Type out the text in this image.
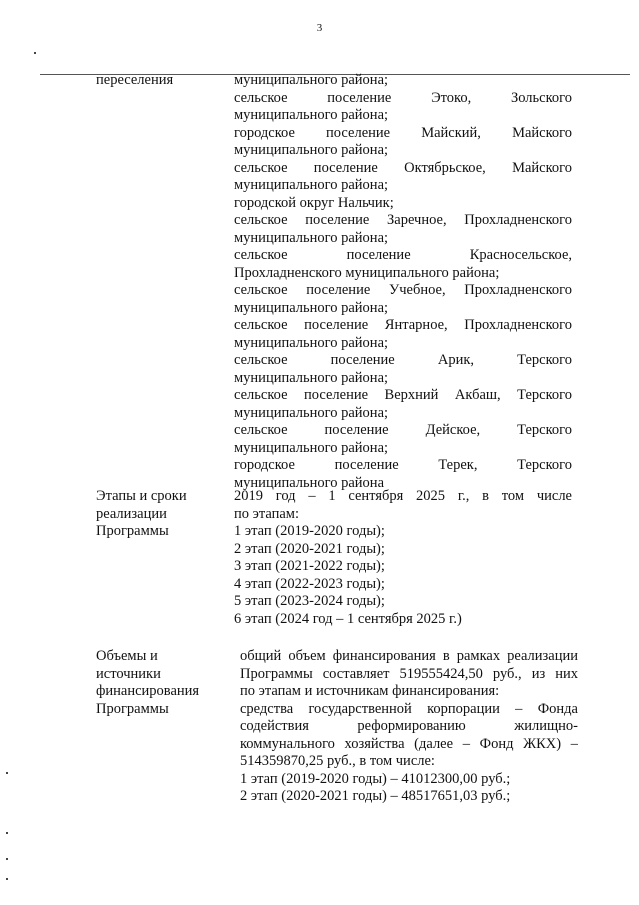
3
переселения	муниципального района;
сельское поселение Этоко, Зольского
муниципального района;
городское поселение Майский, Майского
муниципального района;
сельское поселение Октябрьское, Майского
муниципального района;
городской округ Нальчик;
сельское поселение Заречное, Прохладненского
муниципального района;
сельское поселение Красносельское,
Прохладненского муниципального района;
сельское поселение Учебное, Прохладненского
муниципального района;
сельское поселение Янтарное, Прохладненского
муниципального района;
сельское поселение Арик, Терского
муниципального района;
сельское поселение Верхний Акбаш, Терского
муниципального района;
сельское поселение Дейское, Терского
муниципального района;
городское поселение Терек, Терского
муниципального района
Этапы и сроки
реализации
Программы
2019 год – 1 сентября 2025 г., в том числе
по этапам:
1 этап (2019-2020 годы);
2 этап (2020-2021 годы);
3 этап (2021-2022 годы);
4 этап (2022-2023 годы);
5 этап (2023-2024 годы);
6 этап (2024 год – 1 сентября 2025 г.)
Объемы и
источники
финансирования
Программы
общий объем финансирования в рамках реализации
Программы составляет 519555424,50 руб., из них
по этапам и источникам финансирования:
средства государственной корпорации – Фонда
содействия реформированию жилищно-
коммунального хозяйства (далее – Фонд ЖКХ) –
514359870,25 руб., в том числе:
1 этап (2019-2020 годы) – 41012300,00 руб.;
2 этап (2020-2021 годы) – 48517651,03 руб.;
